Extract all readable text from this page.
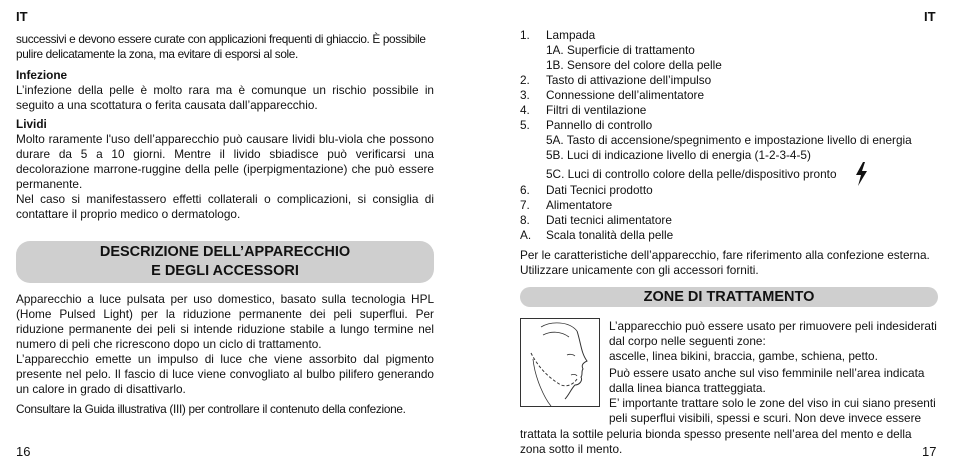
IT	IT

successivi e devono essere curate con applicazioni frequenti di ghiaccio. È possibile pulire delicatamente la zona, ma evitare di esporsi al sole.

Infezione

L’infezione della pelle è molto rara ma è comunque un rischio possibile in seguito a una scottatura o ferita causata dall’apparecchio.

Lividi

Molto raramente l'uso dell’apparecchio può causare lividi blu-viola che possono durare da 5 a 10 giorni. Mentre il livido sbiadisce può verificarsi una decolorazione marrone-ruggine della pelle (iperpigmentazione) che può essere permanente.

Nel caso si manifestassero effetti collaterali o complicazioni, si consiglia di contattare il proprio medico o dermatologo.

DESCRIZIONE DELL’APPARECCHIO
E DEGLI ACCESSORI

Apparecchio a luce pulsata per uso domestico, basato sulla tecnologia HPL (Home Pulsed Light) per la riduzione permanente dei peli superflui. Per riduzione permanente dei peli si intende riduzione stabile a lungo termine nel numero di peli che ricrescono dopo un ciclo di trattamento.

L’apparecchio emette un impulso di luce che viene assorbito dal pigmento presente nel pelo. Il fascio di luce viene convogliato al bulbo pilifero generando un calore in grado di disattivarlo.

Consultare la Guida illustrativa (III) per controllare il contenuto della confezione.

16
1. Lampada
1A. Superficie di trattamento
1B. Sensore del colore della pelle
2. Tasto di attivazione dell’impulso
3. Connessione dell’alimentatore
4. Filtri di ventilazione
5. Pannello di controllo
5A. Tasto di accensione/spegnimento e impostazione livello di energia
5B. Luci di indicazione livello di energia (1-2-3-4-5)
5C. Luci di controllo colore della pelle/dispositivo pronto
6. Dati Tecnici prodotto
7. Alimentatore
8. Dati tecnici alimentatore
A. Scala tonalità della pelle

Per le caratteristiche dell’apparecchio, fare riferimento alla confezione esterna. Utilizzare unicamente con gli accessori forniti.

ZONE DI TRATTAMENTO
L’apparecchio può essere usato per rimuovere peli indesiderati
dal corpo nelle seguenti zone:
ascelle, linea bikini, braccia, gambe, schiena, petto.
Può essere usato anche sul viso femminile nell’area indicata
dalla linea bianca tratteggiata.
E’ importante trattare solo le zone del viso in cui siano presenti
peli superflui visibili, spessi e scuri. Non deve invece essere
trattata la sottile peluria bionda spesso presente nell’area del mento e della
zona sotto il mento.	17
